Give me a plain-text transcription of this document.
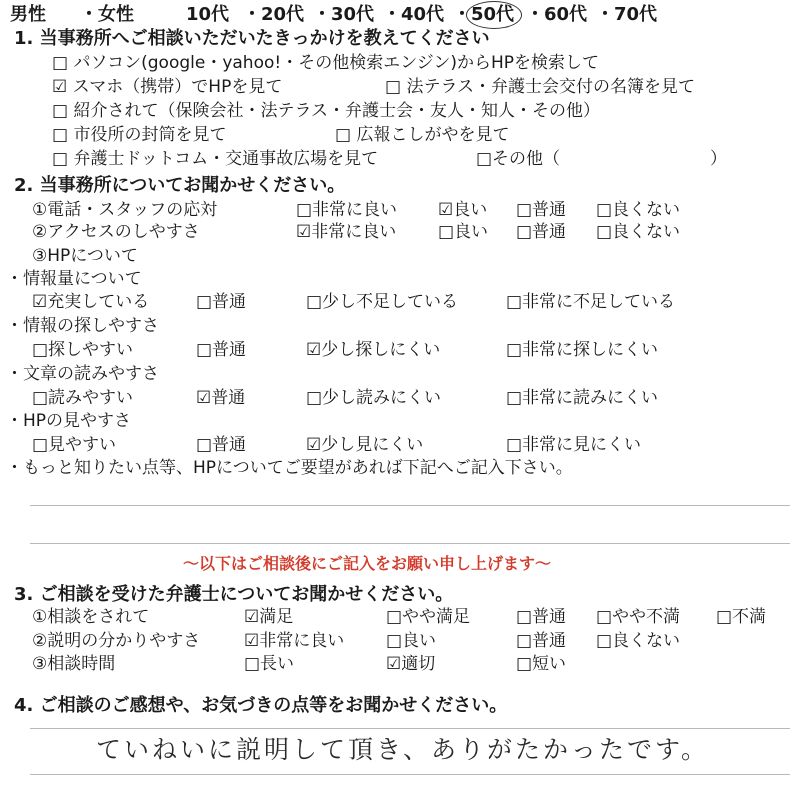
男性 ・女性	10代 ・20代 ・30代 ・40代 ・50代 ・60代 ・70代
1. 当事務所へご相談いただいたきっかけを教えてください
□ パソコン(google・yahoo!・その他検索エンジン)からHPを検索して
☑ スマホ（携帯）でHPを見て	□ 法テラス・弁護士会交付の名簿を見て
□ 紹介されて（保険会社・法テラス・弁護士会・友人・知人・その他）
□ 市役所の封筒を見て	□ 広報こしがやを見て
□ 弁護士ドットコム・交通事故広場を見て	□その他（	）
2. 当事務所についてお聞かせください。
①電話・スタッフの応対	□非常に良い ☑良い □普通 □良くない
②アクセスのしやすさ	☑非常に良い □良い □普通 □良くない
③HPについて
・情報量について
☑充実している	□普通	□少し不足している	□非常に不足している
・情報の探しやすさ
□探しやすい	□普通	☑少し探しにくい	□非常に探しにくい
・文章の読みやすさ
□読みやすい	☑普通	□少し読みにくい	□非常に読みにくい
・HPの見やすさ
□見やすい	□普通	☑少し見にくい	□非常に見にくい
・もっと知りたい点等、HPについてご要望があれば下記へご記入下さい。
～以下はご相談後にご記入をお願い申し上げます～
3. ご相談を受けた弁護士についてお聞かせください。
①相談をされて	☑満足	□やや満足	□普通 □やや不満 □不満
②説明の分かりやすさ	☑非常に良い □良い	□普通 □良くない
③相談時間	□長い	☑適切	□短い
4. ご相談のご感想や、お気づきの点等をお聞かせください。
ていねいに説明して頂き、ありがたかったです。
